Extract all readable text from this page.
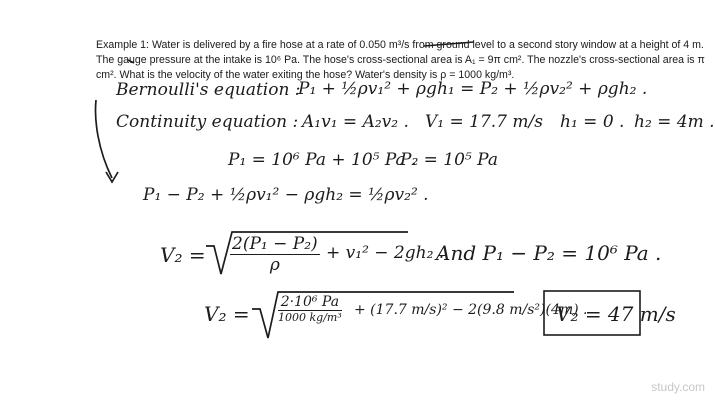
Example 1: Water is delivered by a fire hose at a rate of 0.050 m³/s from ground level to a second story window at a height of 4 m. The gauge pressure at the intake is 10⁶ Pa. The hose's cross-sectional area is A₁ = 9π cm². The nozzle's cross-sectional area is π cm². What is the velocity of the water exiting the hose? Water's density is ρ = 1000 kg/m³.

Bernoulli's equation :
P₁ + ½ρv₁² + ρgh₁ = P₂ + ½ρv₂² + ρgh₂ .
Continuity equation : A₁v₁ = A₂v₂ . V₁ = 17.7 m/s h₁ = 0 . h₂ = 4m .
P₁ = 10⁶ Pa + 10⁵ Pa .
P₂ = 10⁵ Pa
P₁ − P₂ + ½ρv₁² − ρgh₂ = ½ρv₂² .
$V_2 = \frac{\text{2(P₁ − P₂)}}{\rho} + v_1^2 - 2gh_2$ .
And P₁ − P₂ = 10⁶ Pa .
$V_2 = \frac{\text{2·10⁶ Pa}}{\text{1000 kg/m³}} + (17.7$ m/s)² − 2(9.8 m/s²)(4m) .
V₂ = 47 m/s
study.com
